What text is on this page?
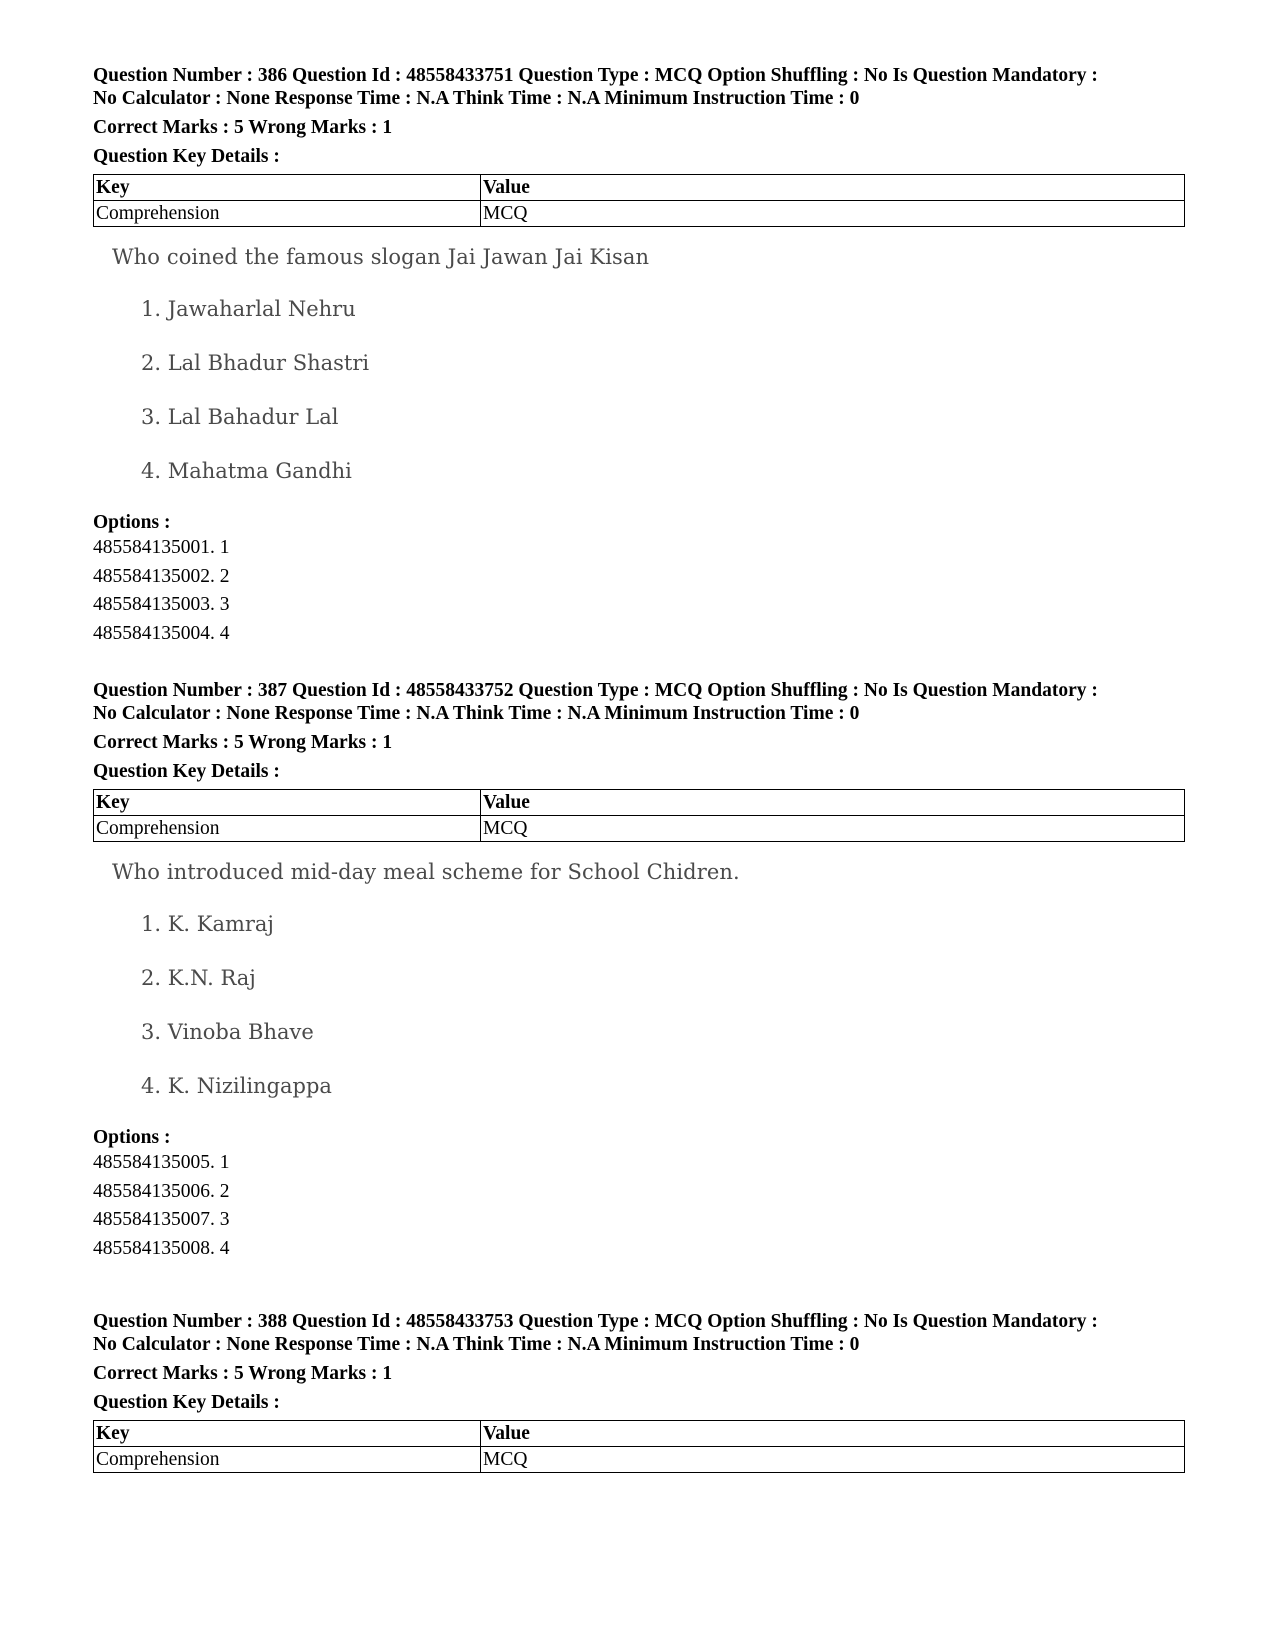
Question Number : 386 Question Id : 48558433751 Question Type : MCQ Option Shuffling : No Is Question Mandatory :
No Calculator : None Response Time : N.A Think Time : N.A Minimum Instruction Time : 0
Correct Marks : 5 Wrong Marks : 1
Question Key Details :
Key	Value
Comprehension	MCQ
Who coined the famous slogan Jai Jawan Jai Kisan
1. Jawaharlal Nehru
2. Lal Bhadur Shastri
3. Lal Bahadur Lal
4. Mahatma Gandhi
Options :
485584135001. 1
485584135002. 2
485584135003. 3
485584135004. 4
Question Number : 387 Question Id : 48558433752 Question Type : MCQ Option Shuffling : No Is Question Mandatory :
No Calculator : None Response Time : N.A Think Time : N.A Minimum Instruction Time : 0
Correct Marks : 5 Wrong Marks : 1
Question Key Details :
Key	Value
Comprehension	MCQ
Who introduced mid-day meal scheme for School Chidren.
1. K. Kamraj
2. K.N. Raj
3. Vinoba Bhave
4. K. Nizilingappa
Options :
485584135005. 1
485584135006. 2
485584135007. 3
485584135008. 4
Question Number : 388 Question Id : 48558433753 Question Type : MCQ Option Shuffling : No Is Question Mandatory :
No Calculator : None Response Time : N.A Think Time : N.A Minimum Instruction Time : 0
Correct Marks : 5 Wrong Marks : 1
Question Key Details :
Key	Value
Comprehension	MCQ
